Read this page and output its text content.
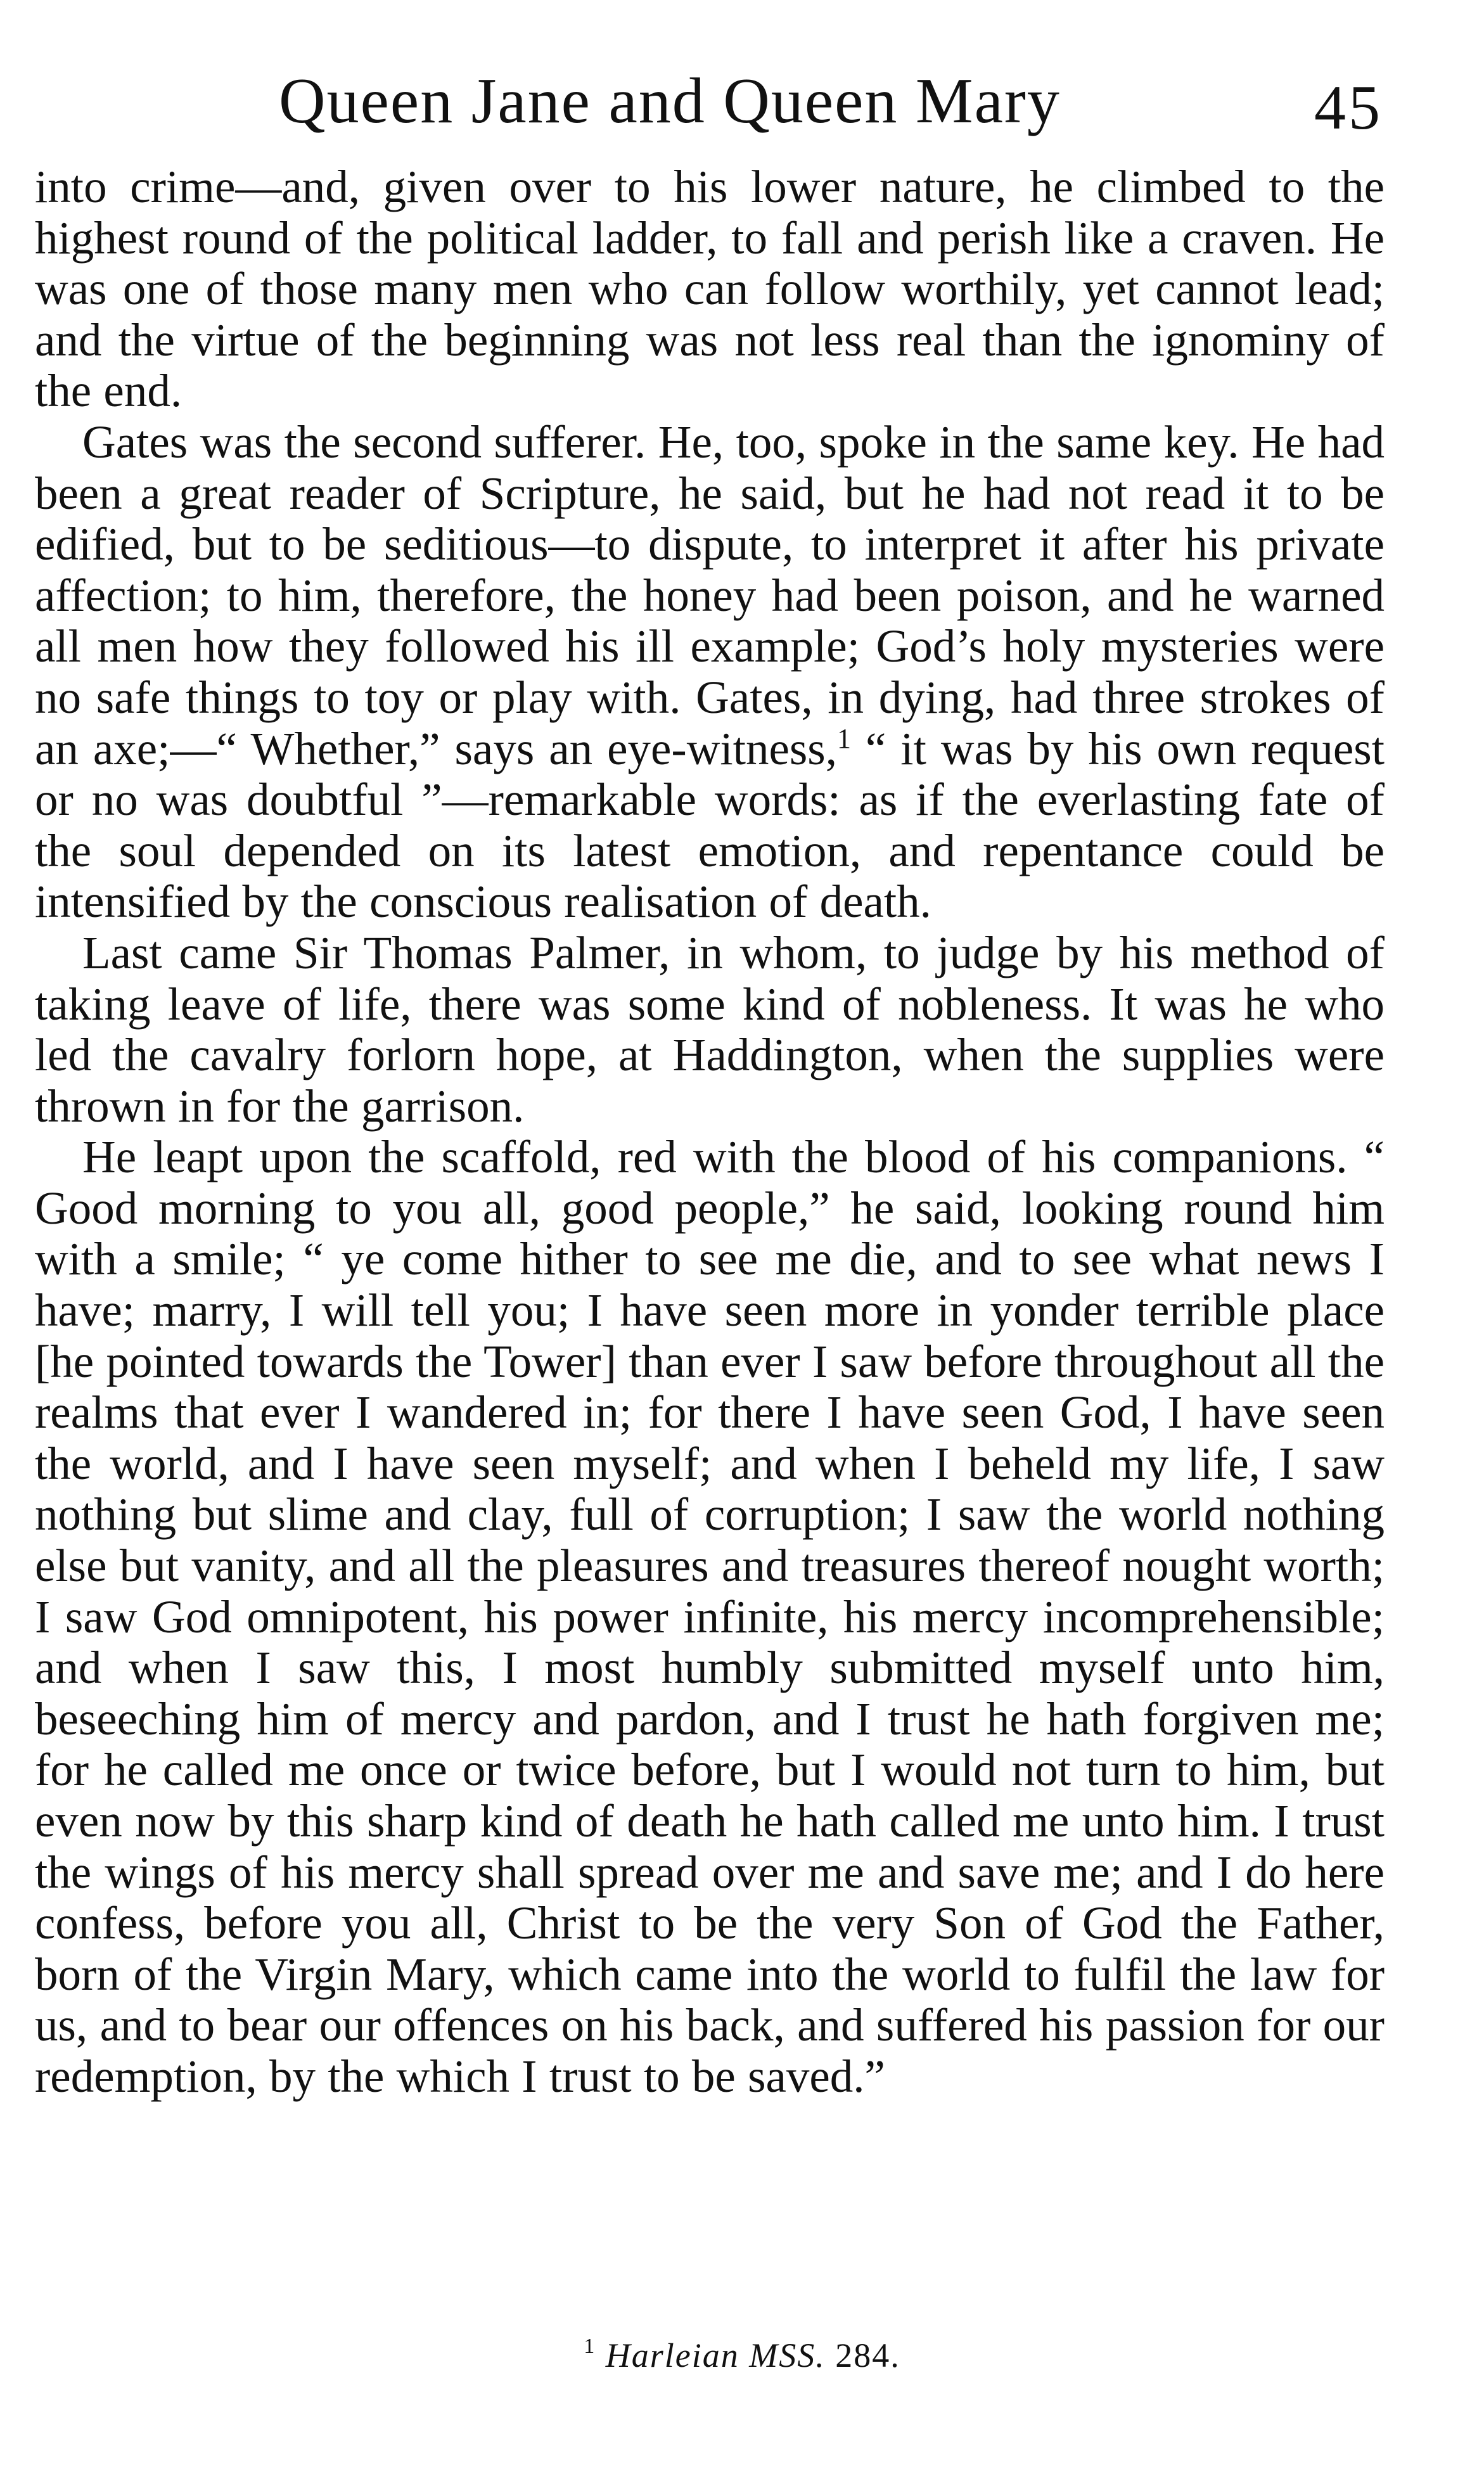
Queen Jane and Queen Mary	45

into crime—and, given over to his lower nature, he climbed to the highest round of the political ladder, to fall and perish like a craven. He was one of those many men who can follow worthily, yet cannot lead; and the virtue of the beginning was not less real than the ignominy of the end.

Gates was the second sufferer. He, too, spoke in the same key. He had been a great reader of Scripture, he said, but he had not read it to be edified, but to be seditious—to dispute, to interpret it after his private affection; to him, therefore, the honey had been poison, and he warned all men how they followed his ill example; God’s holy mysteries were no safe things to toy or play with. Gates, in dying, had three strokes of an axe;—“ Whether,” says an eye-witness,$^1$ “ it was by his own request or no was doubtful ”—remarkable words: as if the everlasting fate of the soul depended on its latest emotion, and repentance could be intensified by the conscious realisation of death.

Last came Sir Thomas Palmer, in whom, to judge by his method of taking leave of life, there was some kind of nobleness. It was he who led the cavalry forlorn hope, at Haddington, when the supplies were thrown in for the garrison.

He leapt upon the scaffold, red with the blood of his companions. “ Good morning to you all, good people,” he said, looking round him with a smile; “ ye come hither to see me die, and to see what news I have; marry, I will tell you; I have seen more in yonder terrible place [he pointed towards the Tower] than ever I saw before throughout all the realms that ever I wandered in; for there I have seen God, I have seen the world, and I have seen myself; and when I beheld my life, I saw nothing but slime and clay, full of corruption; I saw the world nothing else but vanity, and all the pleasures and treasures thereof nought worth; I saw God omnipotent, his power infinite, his mercy incomprehensible; and when I saw this, I most humbly submitted myself unto him, beseeching him of mercy and pardon, and I trust he hath forgiven me; for he called me once or twice before, but I would not turn to him, but even now by this sharp kind of death he hath called me unto him. I trust the wings of his mercy shall spread over me and save me; and I do here confess, before you all, Christ to be the very Son of God the Father, born of the Virgin Mary, which came into the world to fulfil the law for us, and to bear our offences on his back, and suffered his passion for our redemption, by the which I trust to be saved.”

$^1$ Harleian MSS. 284.
